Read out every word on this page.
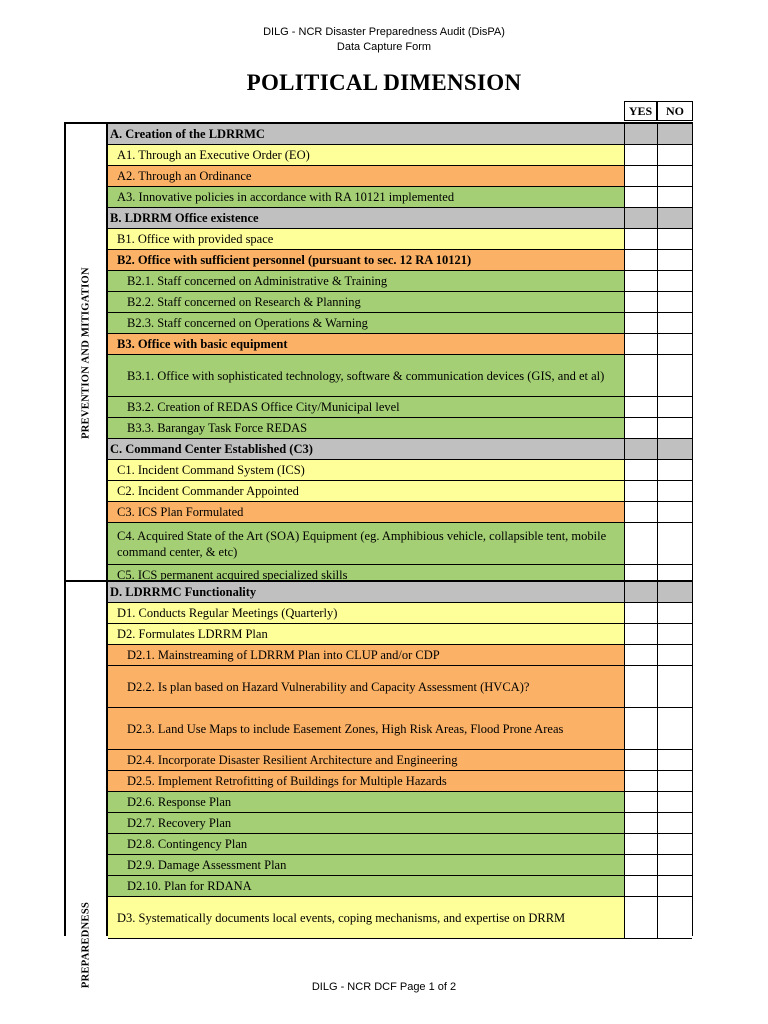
DILG - NCR Disaster Preparedness Audit (DisPA)
Data Capture Form
POLITICAL DIMENSION
YES	NO
PREVENTION AND MITIGATION
A. Creation of the LDRRMC
A1. Through an Executive Order (EO)
A2. Through an Ordinance
A3. Innovative policies in accordance with RA 10121 implemented
B. LDRRM Office existence
B1. Office with provided space
B2. Office with sufficient personnel (pursuant to sec. 12 RA 10121)
B2.1. Staff concerned on Administrative & Training
B2.2. Staff concerned on Research & Planning
B2.3. Staff concerned on Operations & Warning
B3. Office with basic equipment
B3.1. Office with sophisticated technology, software & communication devices (GIS, and et al)
B3.2. Creation of REDAS Office City/Municipal level
B3.3. Barangay Task Force REDAS
C. Command Center Established (C3)
C1. Incident Command System (ICS)
C2. Incident Commander Appointed
C3. ICS Plan Formulated
C4. Acquired State of the Art (SOA) Equipment (eg. Amphibious vehicle, collapsible tent, mobile command center, & etc)
C5. ICS permanent acquired specialized skills
PREPAREDNESS
D. LDRRMC Functionality
D1. Conducts Regular Meetings (Quarterly)
D2. Formulates LDRRM Plan
D2.1. Mainstreaming of LDRRM Plan into CLUP and/or CDP
D2.2. Is plan based on Hazard Vulnerability and Capacity Assessment (HVCA)?
D2.3. Land Use Maps to include Easement Zones, High Risk Areas, Flood Prone Areas
D2.4. Incorporate Disaster Resilient Architecture and Engineering
D2.5. Implement Retrofitting of Buildings for Multiple Hazards
D2.6. Response Plan
D2.7. Recovery Plan
D2.8. Contingency Plan
D2.9. Damage Assessment Plan
D2.10. Plan for RDANA
D3. Systematically documents local events, coping mechanisms, and expertise on DRRM
DILG - NCR DCF Page 1 of 2
